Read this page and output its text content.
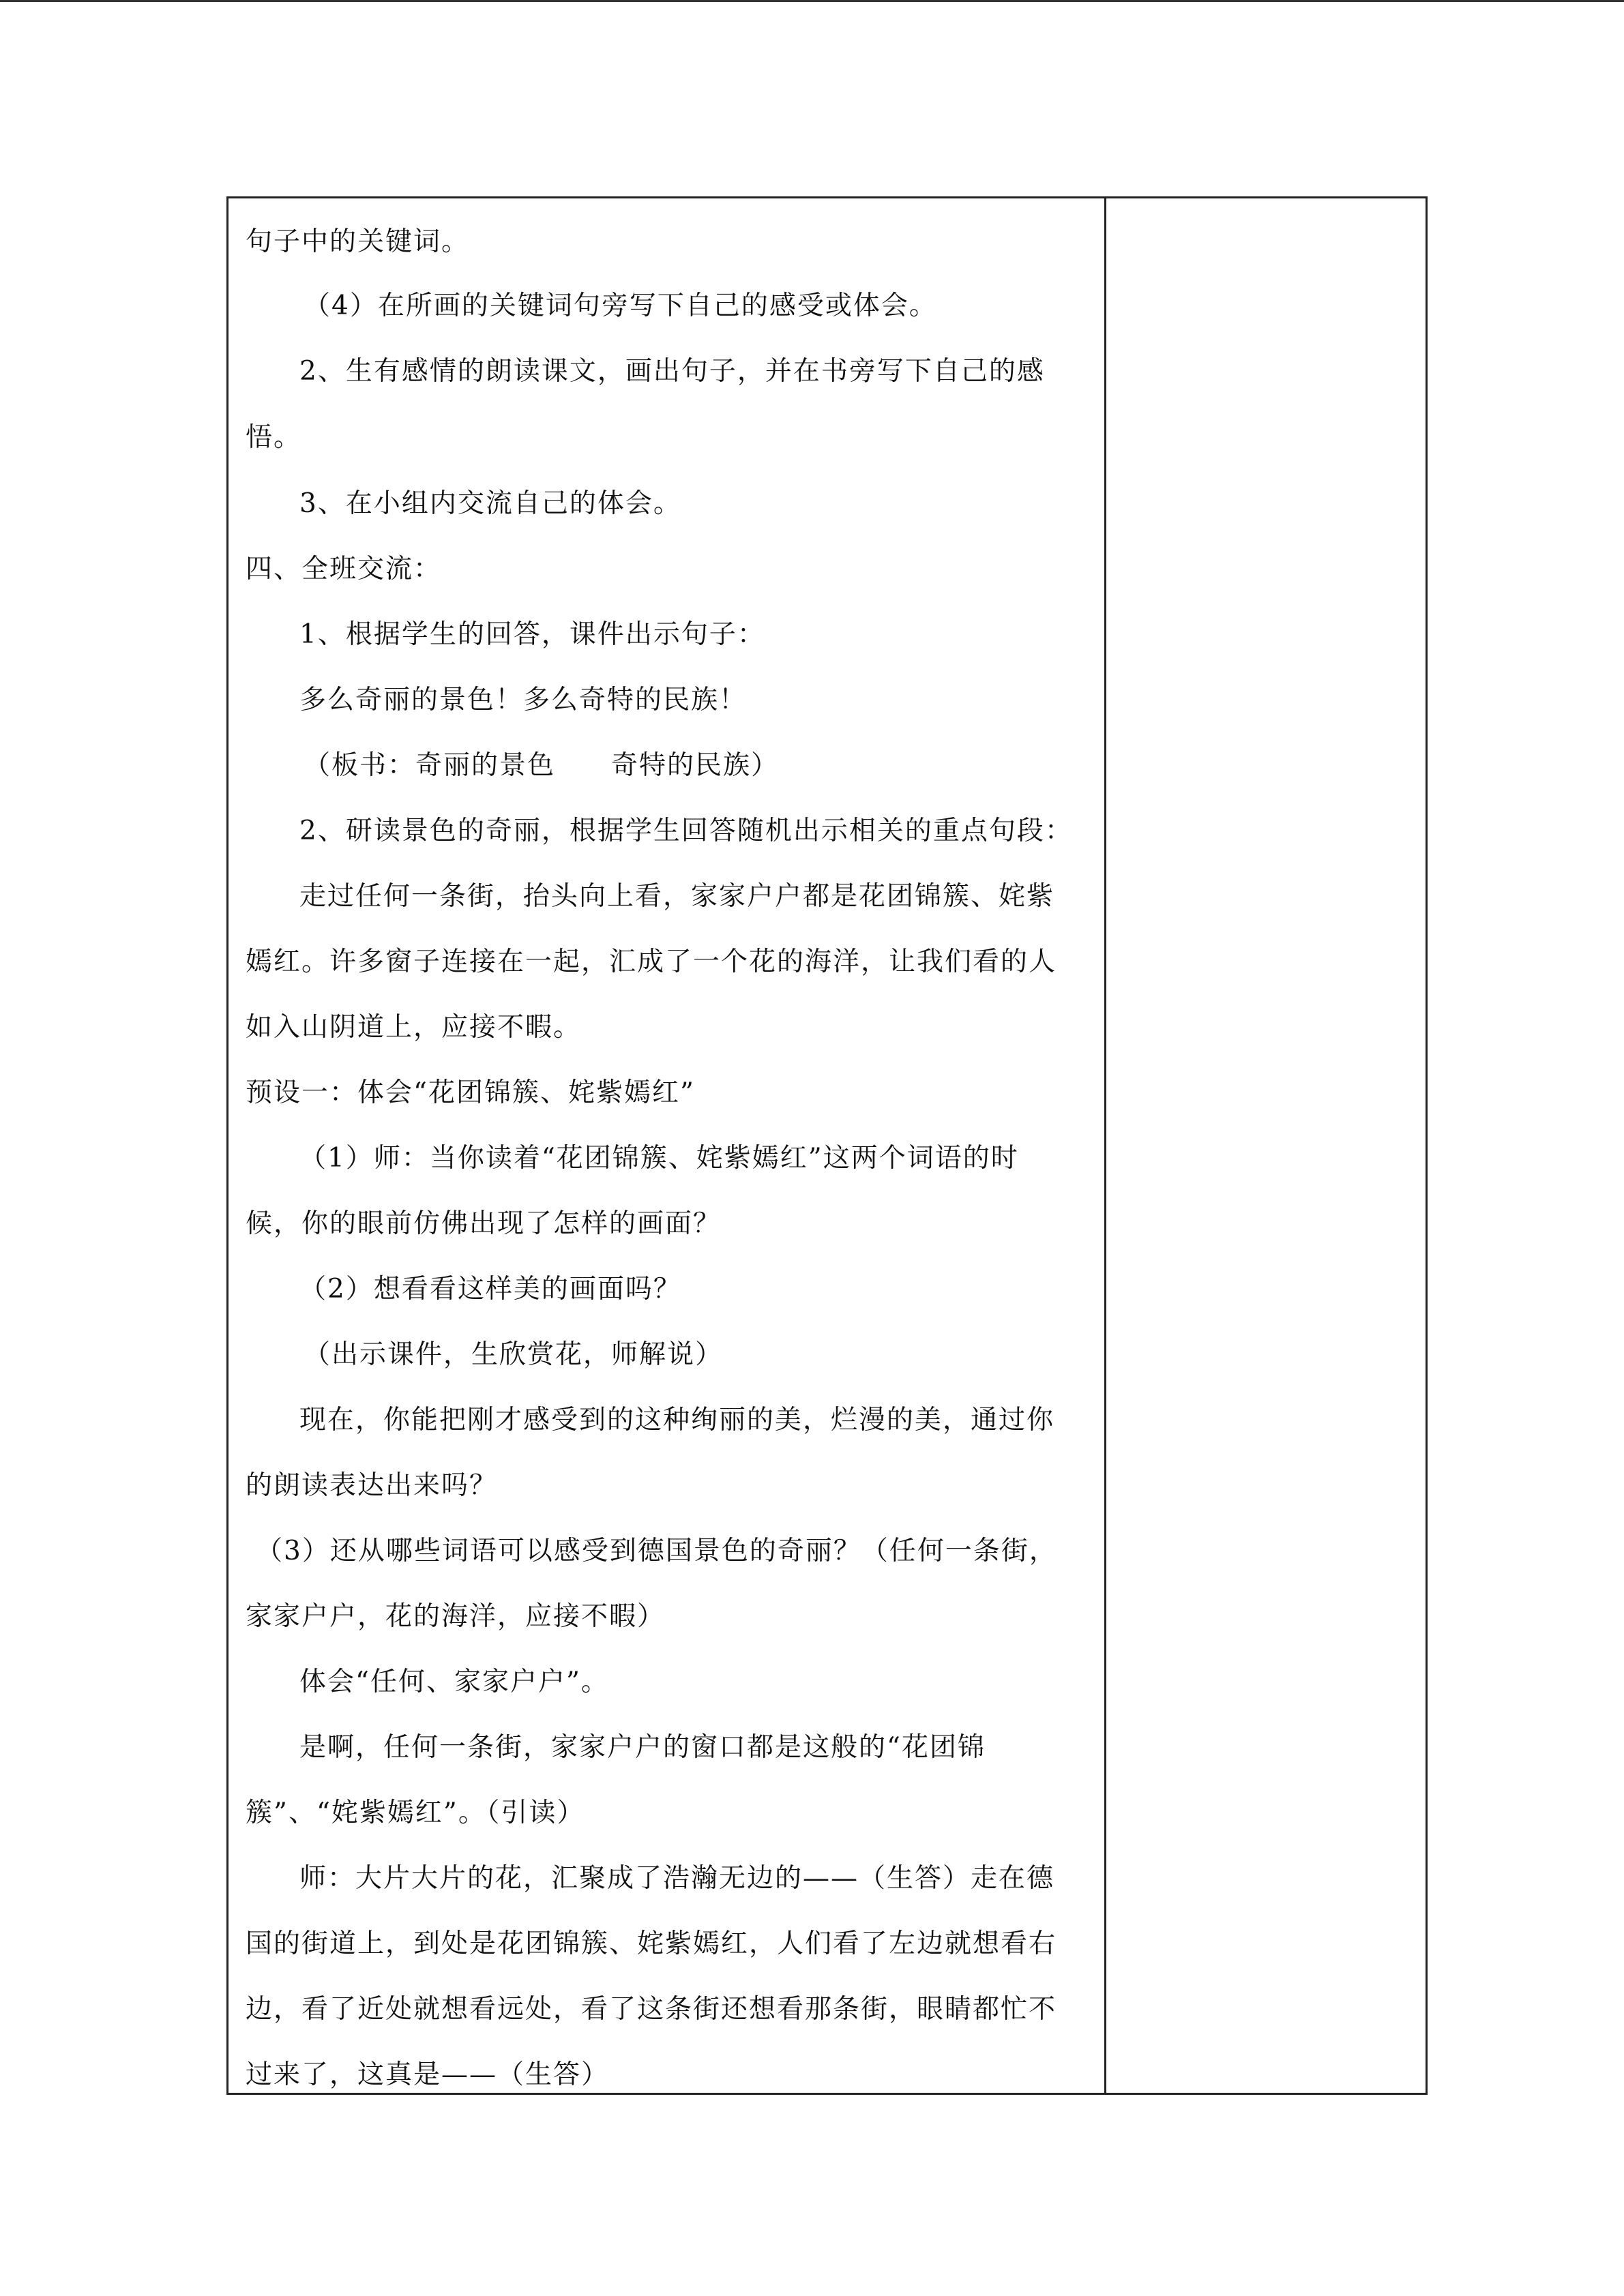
句子中的关键词。

（4）在所画的关键词句旁写下自己的感受或体会。

2、生有感情的朗读课文，画出句子，并在书旁写下自己的感

悟。

3、在小组内交流自己的体会。

四、全班交流：

1、根据学生的回答，课件出示句子：

多么奇丽的景色！多么奇特的民族！

（板书：奇丽的景色　　奇特的民族）

2、研读景色的奇丽，根据学生回答随机出示相关的重点句段：

走过任何一条街，抬头向上看，家家户户都是花团锦簇、姹紫

嫣红。许多窗子连接在一起，汇成了一个花的海洋，让我们看的人

如入山阴道上，应接不暇。

预设一：体会“花团锦簇、姹紫嫣红”

（1）师：当你读着“花团锦簇、姹紫嫣红”这两个词语的时

候，你的眼前仿佛出现了怎样的画面？

（2）想看看这样美的画面吗？

（出示课件，生欣赏花，师解说）

现在，你能把刚才感受到的这种绚丽的美，烂漫的美，通过你

的朗读表达出来吗？

（3）还从哪些词语可以感受到德国景色的奇丽？（任何一条街，

家家户户，花的海洋，应接不暇）

体会“任何、家家户户”。

是啊，任何一条街，家家户户的窗口都是这般的“花团锦

簇”、“姹紫嫣红”。（引读）

师：大片大片的花，汇聚成了浩瀚无边的——（生答）走在德

国的街道上，到处是花团锦簇、姹紫嫣红，人们看了左边就想看右

边，看了近处就想看远处，看了这条街还想看那条街，眼睛都忙不

过来了，这真是——（生答）
